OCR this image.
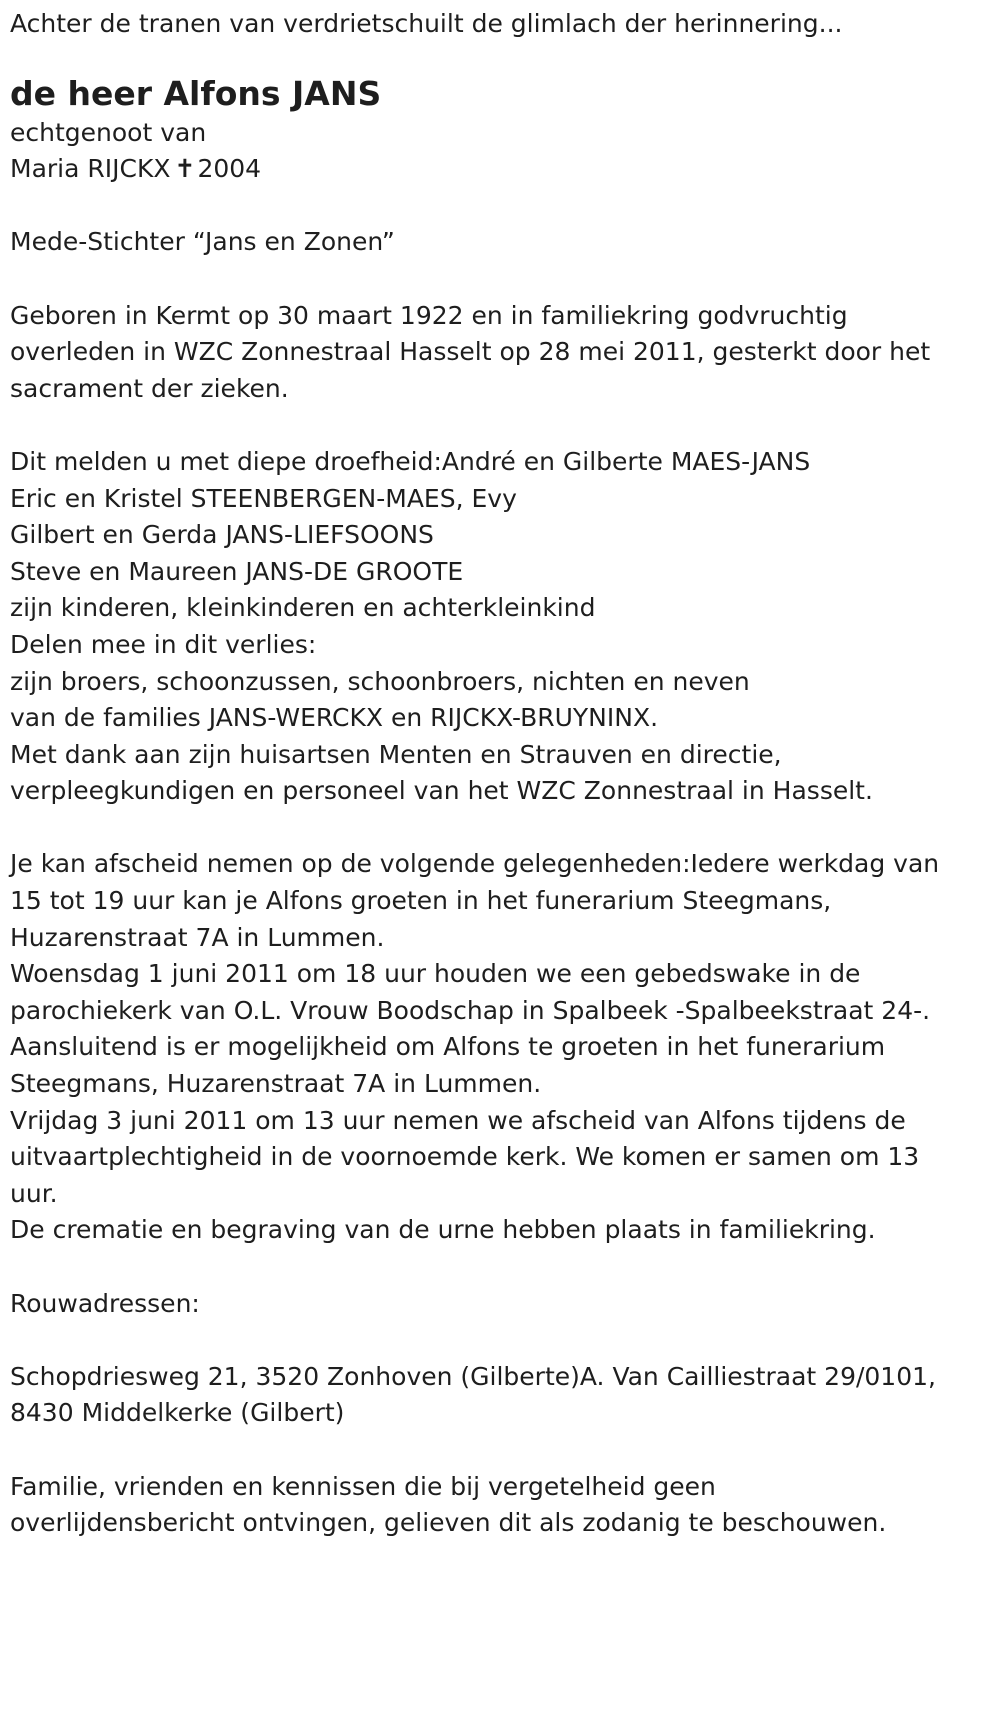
Achter de tranen van verdrietschuilt de glimlach der herinnering...
de heer Alfons JANS
echtgenoot van
Maria RIJCKX ✝2004
Mede-Stichter “Jans en Zonen”
Geboren in Kermt op 30 maart 1922 en in familiekring godvruchtig
overleden in WZC Zonnestraal Hasselt op 28 mei 2011, gesterkt door het
sacrament der zieken.
Dit melden u met diepe droefheid:André en Gilberte MAES-JANS
Eric en Kristel STEENBERGEN-MAES, Evy
Gilbert en Gerda JANS-LIEFSOONS
Steve en Maureen JANS-DE GROOTE
zijn kinderen, kleinkinderen en achterkleinkind
Delen mee in dit verlies:
zijn broers, schoonzussen, schoonbroers, nichten en neven
van de families JANS-WERCKX en RIJCKX-BRUYNINX.
Met dank aan zijn huisartsen Menten en Strauven en directie,
verpleegkundigen en personeel van het WZC Zonnestraal in Hasselt.
Je kan afscheid nemen op de volgende gelegenheden:Iedere werkdag van
15 tot 19 uur kan je Alfons groeten in het funerarium Steegmans,
Huzarenstraat 7A in Lummen.
Woensdag 1 juni 2011 om 18 uur houden we een gebedswake in de
parochiekerk van O.L. Vrouw Boodschap in Spalbeek -Spalbeekstraat 24-.
Aansluitend is er mogelijkheid om Alfons te groeten in het funerarium
Steegmans, Huzarenstraat 7A in Lummen.
Vrijdag 3 juni 2011 om 13 uur nemen we afscheid van Alfons tijdens de
uitvaartplechtigheid in de voornoemde kerk. We komen er samen om 13
uur.
De crematie en begraving van de urne hebben plaats in familiekring.
Rouwadressen:
Schopdriesweg 21, 3520 Zonhoven (Gilberte)A. Van Cailliestraat 29/0101,
8430 Middelkerke (Gilbert)
Familie, vrienden en kennissen die bij vergetelheid geen
overlijdensbericht ontvingen, gelieven dit als zodanig te beschouwen.
